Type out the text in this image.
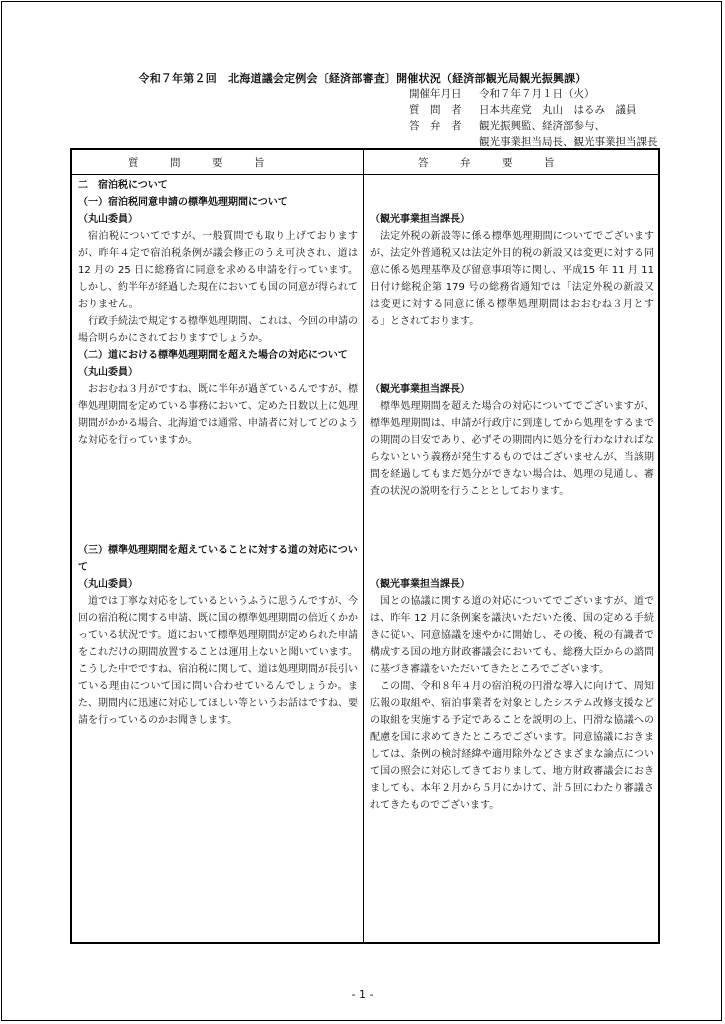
令和７年第２回　北海道議会定例会〔経済部審査〕開催状況（経済部観光局観光振興課）
開催年月日 令和７年７月１日（火）
質　問　者 日本共産党　丸山　はるみ　議員
答　弁　者 観光振興監、経済部参与、
観光事業担当局長、観光事業担当課長
質　　　問　　　要　　　旨	答　　　弁　　　要　　　旨
二　宿泊税について
（一）宿泊税同意申請の標準処理期間について
（丸山委員）
宿泊税についてですが、一般質問でも取り上げておりますが、昨年４定で宿泊税条例が議会修正のうえ可決され、道は 12 月の 25 日に総務省に同意を求める申請を行っています。しかし、約半年が経過した現在においても国の同意が得られておりません。
行政手続法で規定する標準処理期間、これは、今回の申請の場合明らかにされておりますでしょうか。
（二）道における標準処理期間を超えた場合の対応について
（丸山委員）
おおむね３月がですね、既に半年が過ぎているんですが、標準処理期間を定めている事務において、定めた日数以上に処理期間がかかる場合、北海道では通常、申請者に対してどのような対応を行っていますか。
（三）標準処理期間を超えていることに対する道の対応について
（丸山委員）
道では丁寧な対応をしているというふうに思うんですが、今回の宿泊税に関する申請、既に国の標準処理期間の倍近くかかっている状況です。道において標準処理期間が定められた申請をこれだけの期間放置することは運用上ないと聞いています。こうした中でですね、宿泊税に関して、道は処理期間が長引いている理由について国に問い合わせているんでしょうか。また、期間内に迅速に対応してほしい等というお話はですね、要請を行っているのかお聞きします。
（観光事業担当課長）
法定外税の新設等に係る標準処理期間についてでございますが、法定外普通税又は法定外目的税の新設又は変更に対する同意に係る処理基準及び留意事項等に関し、平成15 年 11 月 11 日付け総税企第 179 号の総務省通知では「法定外税の新設又は変更に対する同意に係る標準処理期間はおおむね３月とする」とされております。
（観光事業担当課長）
標準処理期間を超えた場合の対応についてでございますが、標準処理期間は、申請が行政庁に到達してから処理をするまでの期間の目安であり、必ずその期間内に処分を行わなければならないという義務が発生するものではございませんが、当該期間を経過してもまだ処分ができない場合は、処理の見通し、審査の状況の説明を行うこととしております。
（観光事業担当課長）
国との協議に関する道の対応についてでございますが、道では、昨年 12 月に条例案を議決いただいた後、国の定める手続きに従い、同意協議を速やかに開始し、その後、税の有識者で構成する国の地方財政審議会においても、総務大臣からの諮問に基づき審議をいただいてきたところでございます。
この間、令和８年４月の宿泊税の円滑な導入に向けて、周知広報の取組や、宿泊事業者を対象としたシステム改修支援などの取組を実施する予定であることを説明の上、円滑な協議への配慮を国に求めてきたところでございます。同意協議におきましては、条例の検討経緯や適用除外などさまざまな論点について国の照会に対応してきておりまして、地方財政審議会におきましても、本年２月から５月にかけて、計５回にわたり審議されてきたものでございます。
- 1 -
